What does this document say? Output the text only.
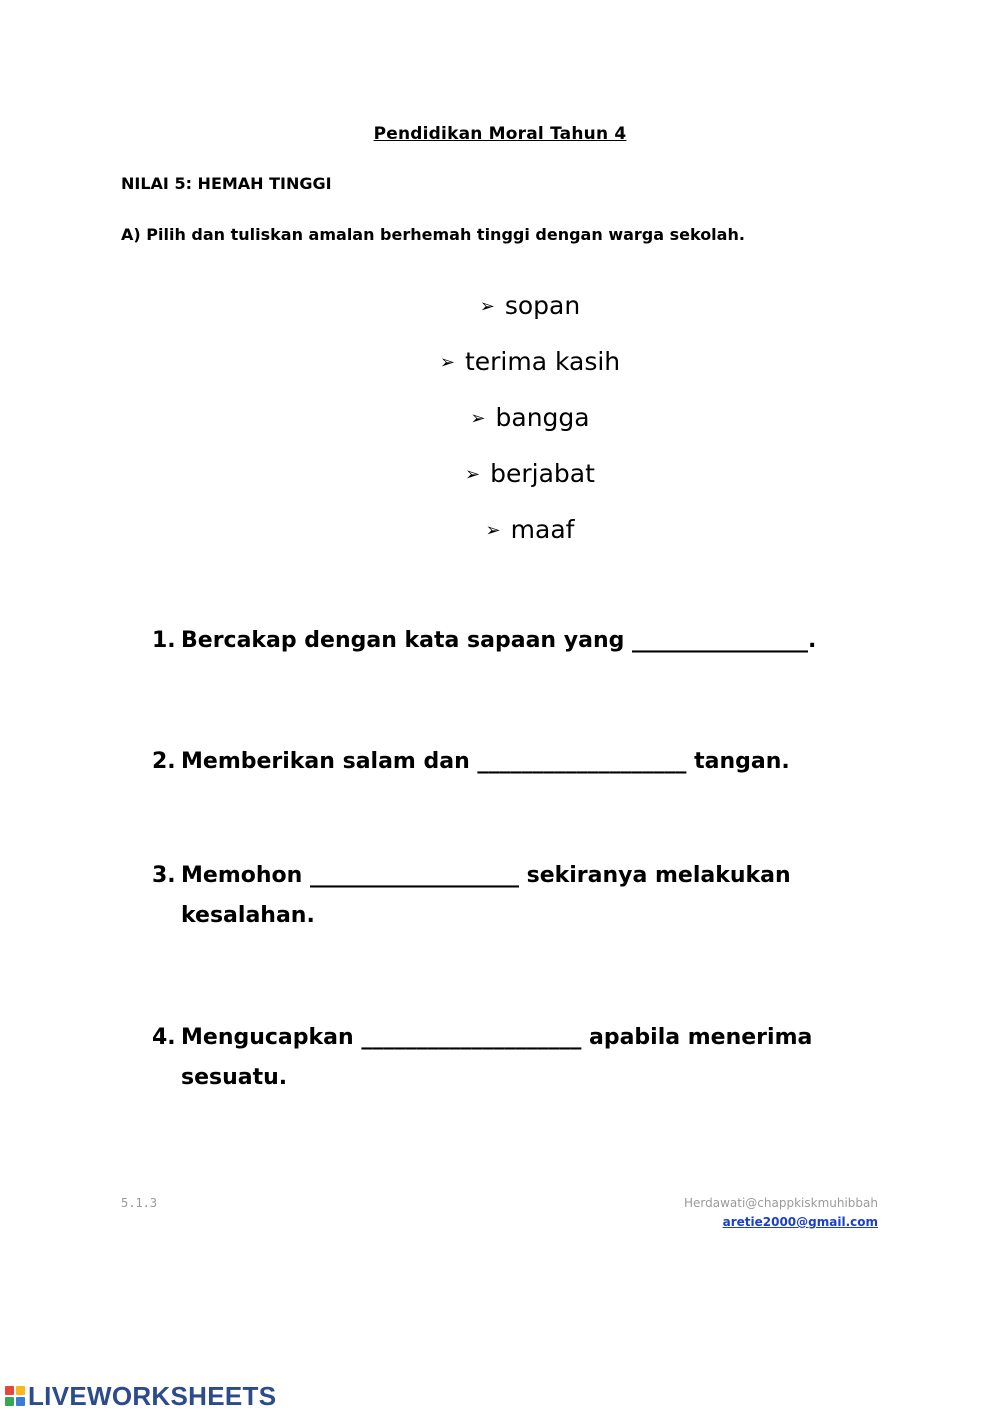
Pendidikan Moral Tahun 4
NILAI 5: HEMAH TINGGI
A) Pilih dan tuliskan amalan berhemah tinggi dengan warga sekolah.
➢ sopan
➢ terima kasih
➢ bangga
➢ berjabat
➢ maaf
1. Bercakap dengan kata sapaan yang ________________.
2. Memberikan salam dan ___________________ tangan.
3. Memohon ___________________ sekiranya melakukan kesalahan.
4. Mengucapkan ____________________ apabila menerima sesuatu.
5.1.3	Herdawati@chappkiskmuhibbah
aretie2000@gmail.com
LIVEWORKSHEETS
